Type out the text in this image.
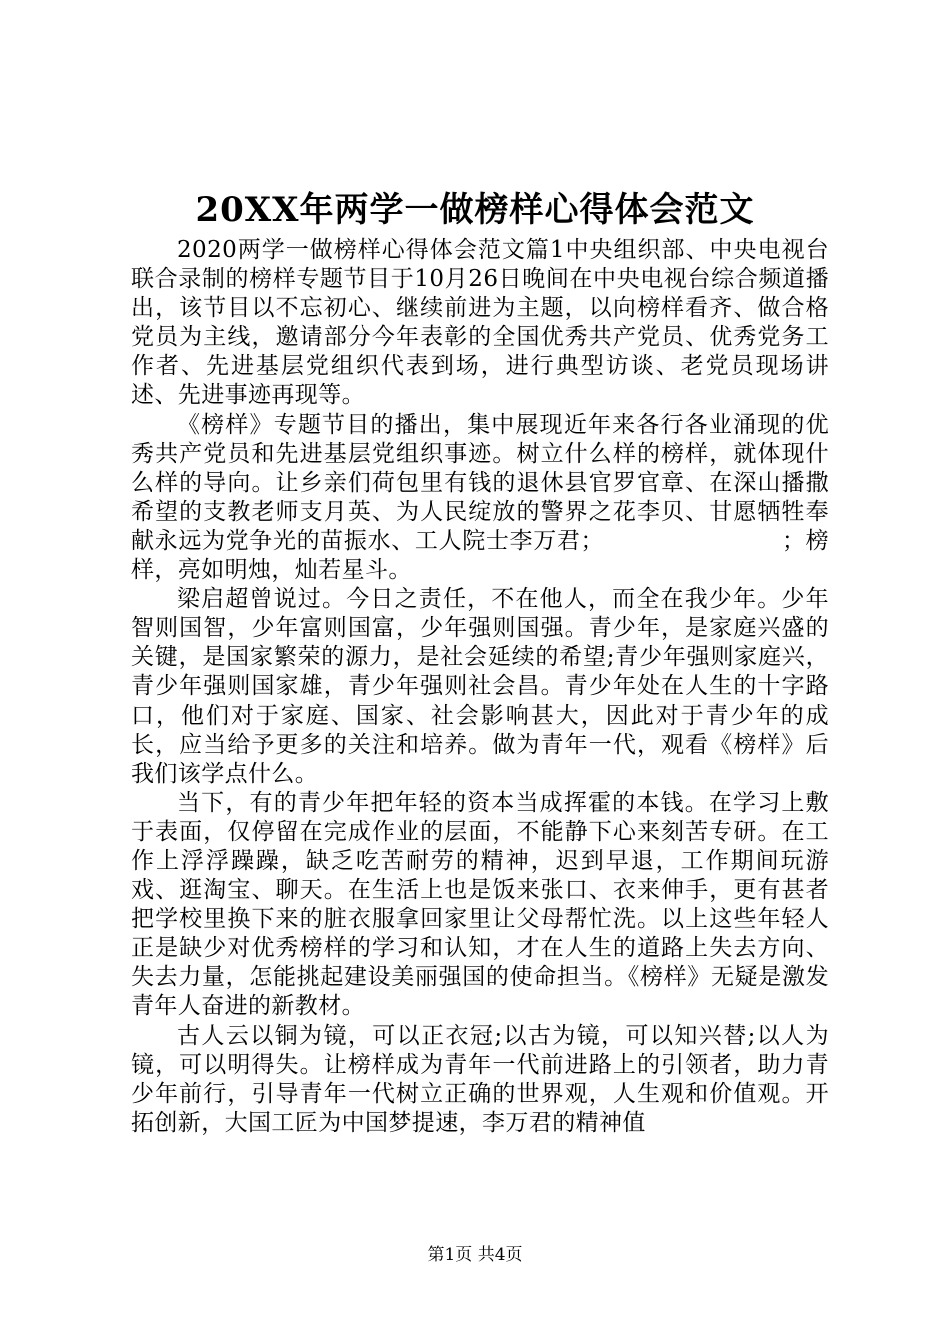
20XX年两学一做榜样心得体会范文

2020两学一做榜样心得体会范文篇1中央组织部、中央电视台联合录制的榜样专题节目于10月26日晚间在中央电视台综合频道播出，该节目以不忘初心、继续前进为主题，以向榜样看齐、做合格党员为主线，邀请部分今年表彰的全国优秀共产党员、优秀党务工作者、先进基层党组织代表到场，进行典型访谈、老党员现场讲述、先进事迹再现等。

《榜样》专题节目的播出，集中展现近年来各行各业涌现的优秀共产党员和先进基层党组织事迹。树立什么样的榜样，就体现什么样的导向。让乡亲们荷包里有钱的退休县官罗官章、在深山播撒希望的支教老师支月英、为人民绽放的警界之花李贝、甘愿牺牲奉献永远为党争光的苗振水、工人院士李万君；　　　　　　　　；榜样，亮如明烛，灿若星斗。

梁启超曾说过。今日之责任，不在他人，而全在我少年。少年智则国智，少年富则国富，少年强则国强。青少年，是家庭兴盛的关键，是国家繁荣的源力，是社会延续的希望;青少年强则家庭兴，青少年强则国家雄，青少年强则社会昌。青少年处在人生的十字路口，他们对于家庭、国家、社会影响甚大，因此对于青少年的成长，应当给予更多的关注和培养。做为青年一代，观看《榜样》后我们该学点什么。

当下，有的青少年把年轻的资本当成挥霍的本钱。在学习上敷于表面，仅停留在完成作业的层面，不能静下心来刻苦专研。在工作上浮浮躁躁，缺乏吃苦耐劳的精神，迟到早退，工作期间玩游戏、逛淘宝、聊天。在生活上也是饭来张口、衣来伸手，更有甚者把学校里换下来的脏衣服拿回家里让父母帮忙洗。以上这些年轻人正是缺少对优秀榜样的学习和认知，才在人生的道路上失去方向、失去力量，怎能挑起建设美丽强国的使命担当。《榜样》无疑是激发青年人奋进的新教材。

古人云以铜为镜，可以正衣冠;以古为镜，可以知兴替;以人为镜，可以明得失。让榜样成为青年一代前进路上的引领者，助力青少年前行，引导青年一代树立正确的世界观，人生观和价值观。开拓创新，大国工匠为中国梦提速，李万君的精神值

第1页 共4页
